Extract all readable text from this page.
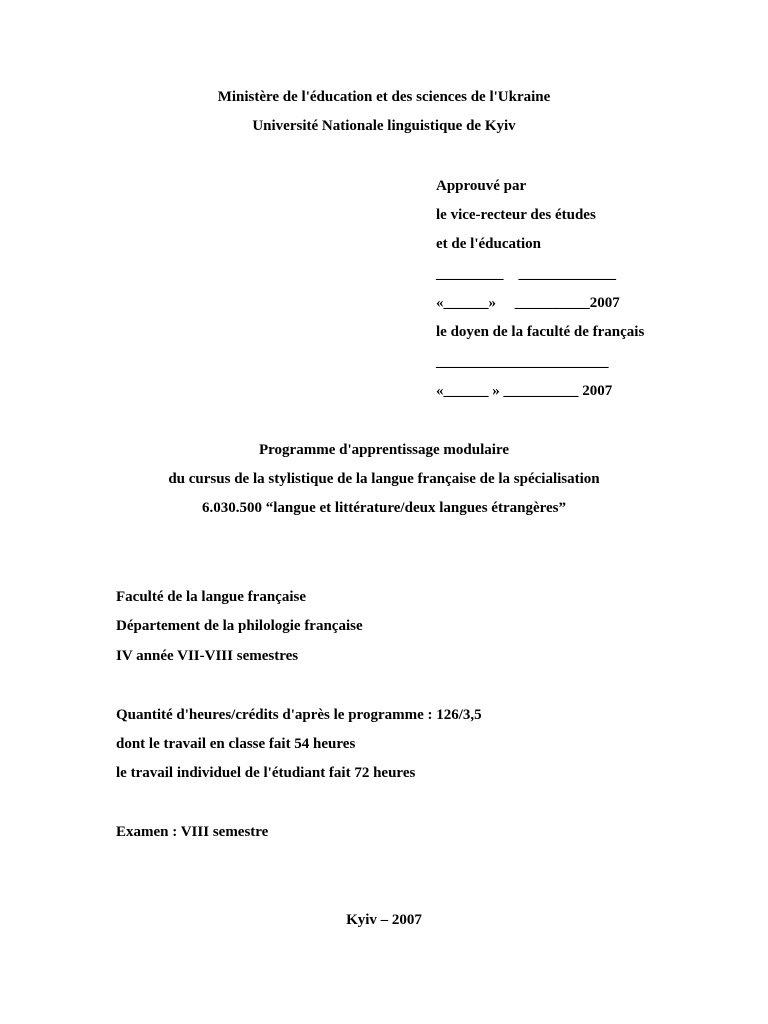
Ministère de l'éducation et des sciences de l'Ukraine
Université Nationale linguistique de Kyiv
Approuvé par
le vice-recteur des études
et de l'éducation
_________    _____________
«______»     __________2007
le doyen de la faculté de français
_______________________
«______ » __________ 2007
Programme d'apprentissage modulaire
du cursus de la stylistique de la langue française de la spécialisation
6.030.500 “langue et littérature/deux langues étrangères”
Faculté de la langue française
Département de la philologie française
IV année VII-VIII semestres
Quantité d'heures/crédits d'après le programme : 126/3,5
dont le travail en classe fait 54 heures
le travail individuel de l'étudiant fait 72 heures
Examen : VIII semestre
Kyiv – 2007
